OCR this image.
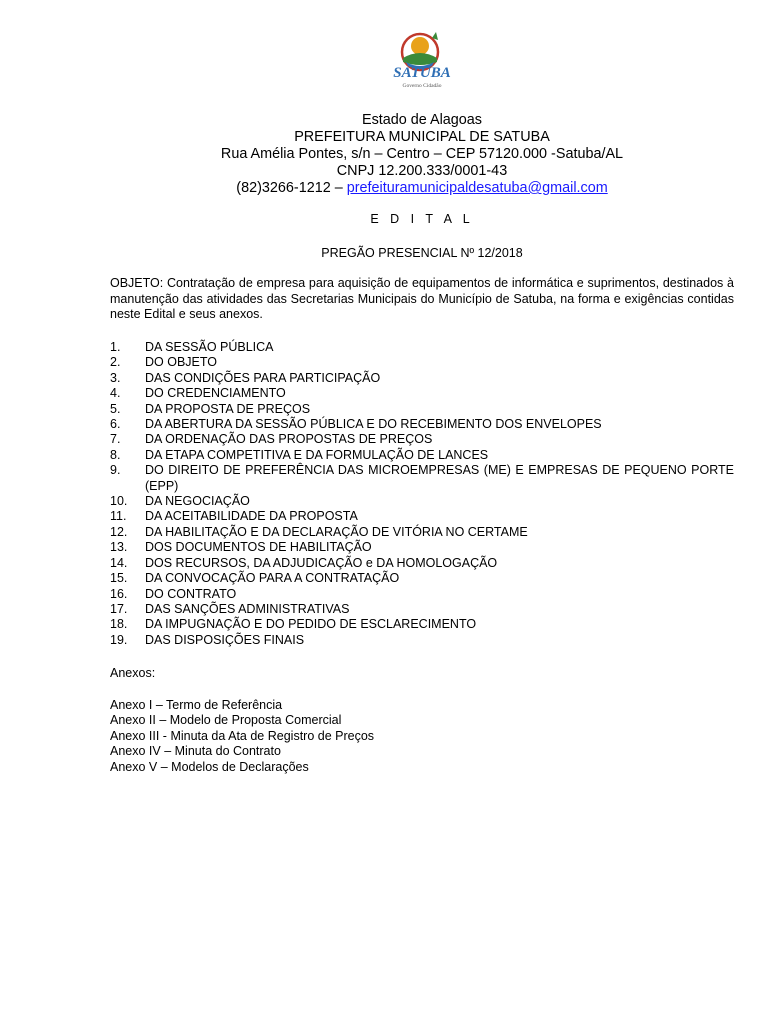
SATUBA
Governo Cidadão
Estado de Alagoas
PREFEITURA MUNICIPAL DE SATUBA
Rua Amélia Pontes, s/n – Centro – CEP 57120.000 -Satuba/AL
CNPJ 12.200.333/0001-43
(82)3266-1212 – prefeituramunicipaldesatuba@gmail.com
E D I T A L
PREGÃO PRESENCIAL Nº 12/2018
OBJETO: Contratação de empresa para aquisição de equipamentos de informática e suprimentos, destinados à manutenção das atividades das Secretarias Municipais do Município de Satuba, na forma e exigências contidas neste Edital e seus anexos.
1.	DA SESSÃO PÚBLICA
2.	DO OBJETO
3.	DAS CONDIÇÕES PARA PARTICIPAÇÃO
4.	DO CREDENCIAMENTO
5.	DA PROPOSTA DE PREÇOS
6.	DA ABERTURA DA SESSÃO PÚBLICA E DO RECEBIMENTO DOS ENVELOPES
7.	DA ORDENAÇÃO DAS PROPOSTAS DE PREÇOS
8.	DA ETAPA COMPETITIVA E DA FORMULAÇÃO DE LANCES
9.	DO DIREITO DE PREFERÊNCIA DAS MICROEMPRESAS (ME) E EMPRESAS DE PEQUENO PORTE (EPP)
10.	DA NEGOCIAÇÃO
11.	DA ACEITABILIDADE DA PROPOSTA
12.	DA HABILITAÇÃO E DA DECLARAÇÃO DE VITÓRIA NO CERTAME
13.	DOS DOCUMENTOS DE HABILITAÇÃO
14.	DOS RECURSOS, DA ADJUDICAÇÃO e DA HOMOLOGAÇÃO
15.	DA CONVOCAÇÃO PARA A CONTRATAÇÃO
16.	DO CONTRATO
17.	DAS SANÇÕES ADMINISTRATIVAS
18.	DA IMPUGNAÇÃO E DO PEDIDO DE ESCLARECIMENTO
19.	DAS DISPOSIÇÕES FINAIS
Anexos:
Anexo I – Termo de Referência
Anexo II – Modelo de Proposta Comercial
Anexo III - Minuta da Ata de Registro de Preços
Anexo IV – Minuta do Contrato
Anexo V – Modelos de Declarações
